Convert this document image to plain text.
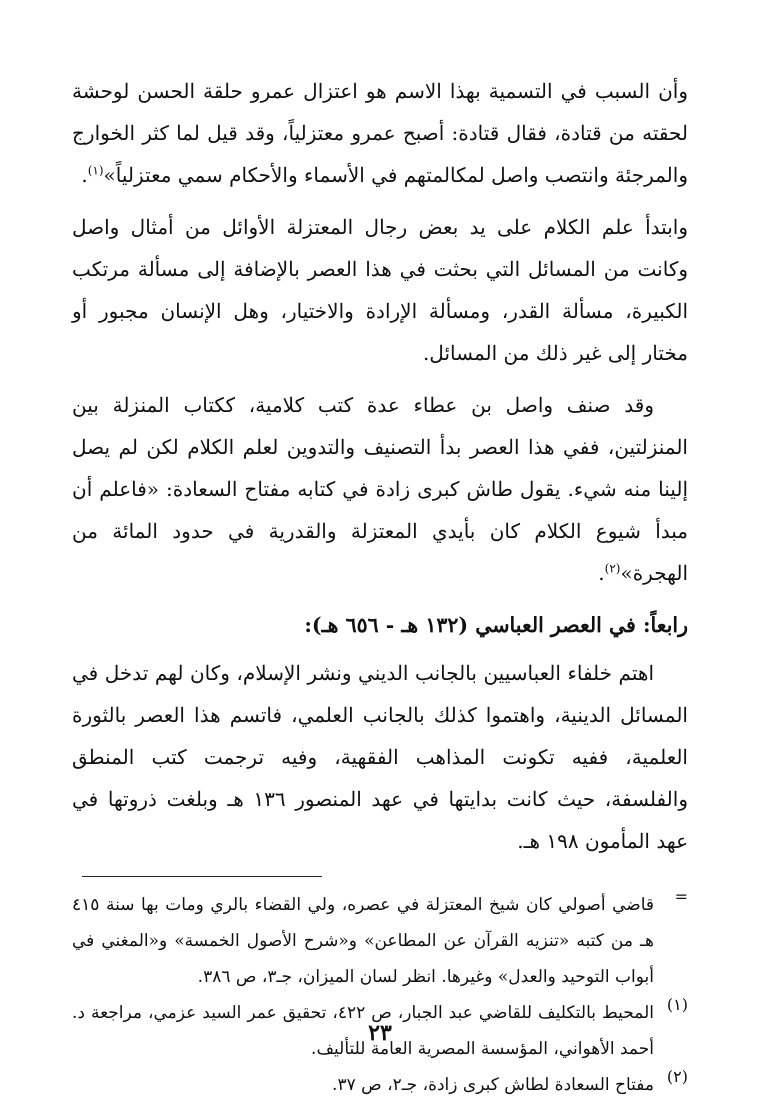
وأن السبب في التسمية بهذا الاسم هو اعتزال عمرو حلقة الحسن لوحشة لحقته من قتادة، فقال قتادة: أصبح عمرو معتزلياً، وقد قيل لما كثر الخوارج والمرجئة وانتصب واصل لمكالمتهم في الأسماء والأحكام سمي معتزلياً»$^{(١)}$.

وابتدأ علم الكلام على يد بعض رجال المعتزلة الأوائل من أمثال واصل وكانت من المسائل التي بحثت في هذا العصر بالإضافة إلى مسألة مرتكب الكبيرة، مسألة القدر، ومسألة الإرادة والاختيار، وهل الإنسان مجبور أو مختار إلى غير ذلك من المسائل.

وقد صنف واصل بن عطاء عدة كتب كلامية، ككتاب المنزلة بين المنزلتين، ففي هذا العصر بدأ التصنيف والتدوين لعلم الكلام لكن لم يصل إلينا منه شيء. يقول طاش كبرى زادة في كتابه مفتاح السعادة: «فاعلم أن مبدأ شيوع الكلام كان بأيدي المعتزلة والقدرية في حدود المائة من الهجرة»$^{(٢)}$.

رابعاً: في العصر العباسي (١٣٢ هـ - ٦٥٦ هـ):

اهتم خلفاء العباسيين بالجانب الديني ونشر الإسلام، وكان لهم تدخل في المسائل الدينية، واهتموا كذلك بالجانب العلمي، فاتسم هذا العصر بالثورة العلمية، ففيه تكونت المذاهب الفقهية، وفيه ترجمت كتب المنطق والفلسفة، حيث كانت بدايتها في عهد المنصور ١٣٦ هـ وبلغت ذروتها في عهد المأمون ١٩٨ هـ.

=

قاضي أصولي كان شيخ المعتزلة في عصره، ولي القضاء بالري ومات بها سنة ٤١٥ هـ من كتبه «تنزيه القرآن عن المطاعن» و«شرح الأصول الخمسة» و«المغني في أبواب التوحيد والعدل» وغيرها. انظر لسان الميزان، جـ٣، ص ٣٨٦.

(١)

المحيط بالتكليف للقاضي عبد الجبار، ص ٤٢٢، تحقيق عمر السيد عزمي، مراجعة د. أحمد الأهواني، المؤسسة المصرية العامة للتأليف.

(٢)

مفتاح السعادة لطاش كبرى زادة، جـ٢، ص ٣٧.

٢٣
